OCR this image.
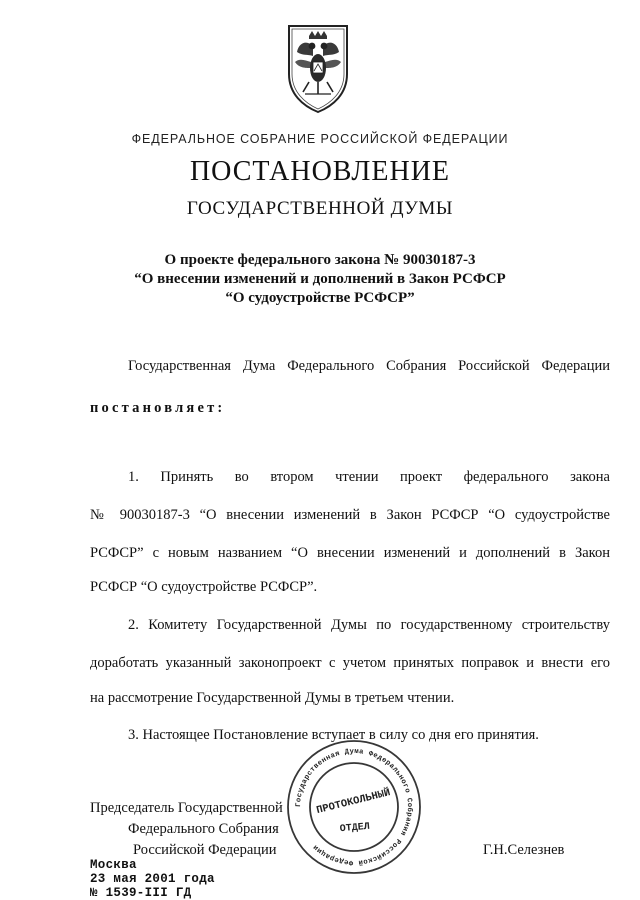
ФЕДЕРАЛЬНОЕ СОБРАНИЕ РОССИЙСКОЙ ФЕДЕРАЦИИ
ПОСТАНОВЛЕНИЕ
ГОСУДАРСТВЕННОЙ ДУМЫ
О проекте федерального закона № 90030187-3
“О внесении изменений и дополнений в Закон РСФСР
“О судоустройстве РСФСР”
Государственная Дума Федерального Собрания Российской Федерации
постановляет:
1. Принять во втором чтении проект федерального закона
№ 90030187-3 “О внесении изменений в Закон РСФСР “О судоустройстве
РСФСР” с новым названием “О внесении изменений и дополнений в Закон
РСФСР “О судоустройстве РСФСР”.
2. Комитету Государственной Думы по государственному строительству
доработать указанный законопроект с учетом принятых поправок и внести его
на рассмотрение Государственной Думы в третьем чтении.
3. Настоящее Постановление вступает в силу со дня его принятия.
Председатель Государственной
Федерального Собрания
Российской Федерации	Г.Н.Селезнев
Москва
23 мая 2001 года
№ 1539-III ГД
Государственная Дума Федерального Собрания Российской Федерации
ПРОТОКОЛЬНЫЙ
ОТДЕЛ
